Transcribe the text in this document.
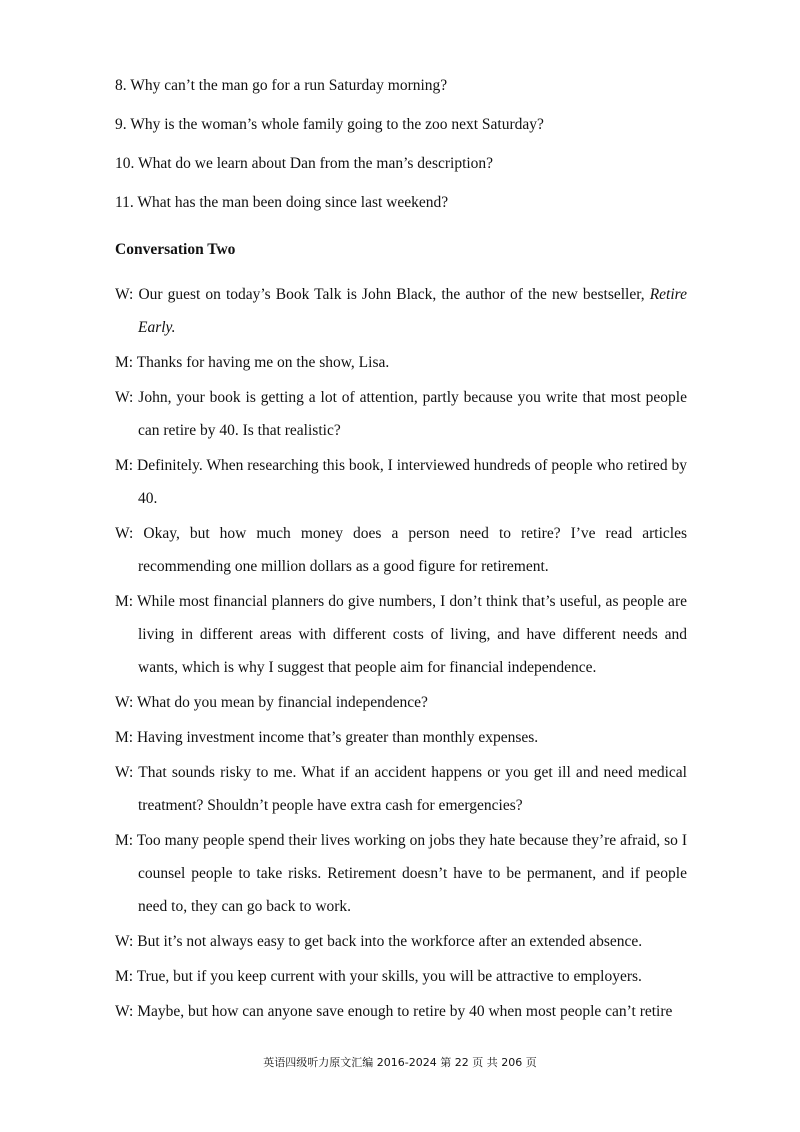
8. Why can’t the man go for a run Saturday morning?
9. Why is the woman’s whole family going to the zoo next Saturday?
10. What do we learn about Dan from the man’s description?
11. What has the man been doing since last weekend?
Conversation Two
W: Our guest on today’s Book Talk is John Black, the author of the new bestseller, Retire Early.
M: Thanks for having me on the show, Lisa.
W: John, your book is getting a lot of attention, partly because you write that most people can retire by 40. Is that realistic?
M: Definitely. When researching this book, I interviewed hundreds of people who retired by 40.
W: Okay, but how much money does a person need to retire? I’ve read articles recommending one million dollars as a good figure for retirement.
M: While most financial planners do give numbers, I don’t think that’s useful, as people are living in different areas with different costs of living, and have different needs and wants, which is why I suggest that people aim for financial independence.
W: What do you mean by financial independence?
M: Having investment income that’s greater than monthly expenses.
W: That sounds risky to me. What if an accident happens or you get ill and need medical treatment? Shouldn’t people have extra cash for emergencies?
M: Too many people spend their lives working on jobs they hate because they’re afraid, so I counsel people to take risks. Retirement doesn’t have to be permanent, and if people need to, they can go back to work.
W: But it’s not always easy to get back into the workforce after an extended absence.
M: True, but if you keep current with your skills, you will be attractive to employers.
W: Maybe, but how can anyone save enough to retire by 40 when most people can’t retire
英语四级听力原文汇编 2016-2024 第 22 页 共 206 页
